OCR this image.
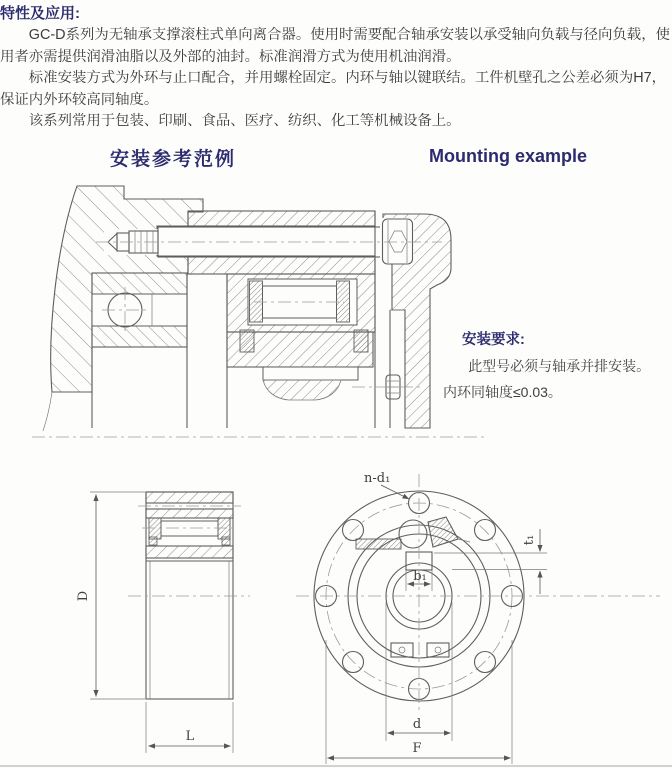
D
L
n-d₁
b₁
t₁
d
F
特性及应用:

GC-D系列为无轴承支撑滚柱式单向离合器。使用时需要配合轴承安装以承受轴向负载与径向负载，使用者亦需提供润滑油脂以及外部的油封。标准润滑方式为使用机油润滑。

标准安装方式为外环与止口配合，并用螺栓固定。内环与轴以键联结。工件机壁孔之公差必须为H7，保证内外环较高同轴度。

该系列常用于包装、印刷、食品、医疗、纺织、化工等机械设备上。

安装参考范例	Mounting example
安装要求:

此型号必须与轴承并排安装。

内环同轴度≤0.03。
